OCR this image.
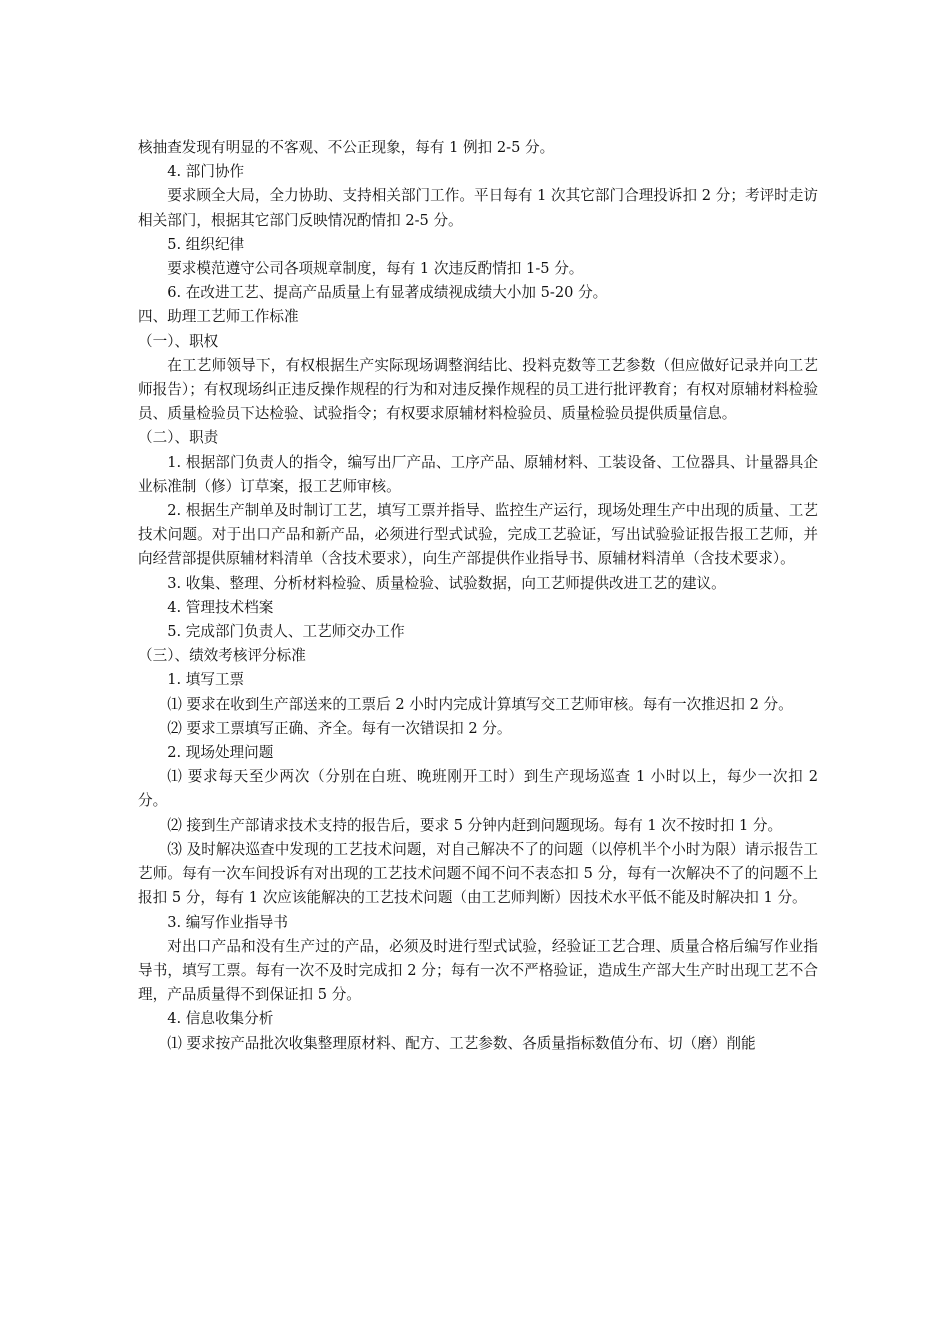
核抽查发现有明显的不客观、不公正现象，每有 1 例扣 2-5 分。

4. 部门协作

要求顾全大局，全力协助、支持相关部门工作。平日每有 1 次其它部门合理投诉扣 2 分；考评时走访相关部门，根据其它部门反映情况酌情扣 2-5 分。

5. 组织纪律

要求模范遵守公司各项规章制度，每有 1 次违反酌情扣 1-5 分。

6. 在改进工艺、提高产品质量上有显著成绩视成绩大小加 5-20 分。

四、助理工艺师工作标准

（一）、职权

在工艺师领导下，有权根据生产实际现场调整润结比、投料克数等工艺参数（但应做好记录并向工艺师报告）；有权现场纠正违反操作规程的行为和对违反操作规程的员工进行批评教育；有权对原辅材料检验员、质量检验员下达检验、试验指令；有权要求原辅材料检验员、质量检验员提供质量信息。

（二）、职责

1. 根据部门负责人的指令，编写出厂产品、工序产品、原辅材料、工装设备、工位器具、计量器具企业标准制（修）订草案，报工艺师审核。

2. 根据生产制单及时制订工艺，填写工票并指导、监控生产运行，现场处理生产中出现的质量、工艺技术问题。对于出口产品和新产品，必须进行型式试验，完成工艺验证，写出试验验证报告报工艺师，并向经营部提供原辅材料清单（含技术要求），向生产部提供作业指导书、原辅材料清单（含技术要求）。

3. 收集、整理、分析材料检验、质量检验、试验数据，向工艺师提供改进工艺的建议。

4. 管理技术档案

5. 完成部门负责人、工艺师交办工作

（三）、绩效考核评分标准

1. 填写工票

⑴ 要求在收到生产部送来的工票后 2 小时内完成计算填写交工艺师审核。每有一次推迟扣 2 分。

⑵ 要求工票填写正确、齐全。每有一次错误扣 2 分。

2. 现场处理问题

⑴ 要求每天至少两次（分别在白班、晚班刚开工时）到生产现场巡查 1 小时以上，每少一次扣 2 分。

⑵ 接到生产部请求技术支持的报告后，要求 5 分钟内赶到问题现场。每有 1 次不按时扣 1 分。

⑶ 及时解决巡查中发现的工艺技术问题，对自己解决不了的问题（以停机半个小时为限）请示报告工艺师。每有一次车间投诉有对出现的工艺技术问题不闻不问不表态扣 5 分，每有一次解决不了的问题不上报扣 5 分，每有 1 次应该能解决的工艺技术问题（由工艺师判断）因技术水平低不能及时解决扣 1 分。

3. 编写作业指导书

对出口产品和没有生产过的产品，必须及时进行型式试验，经验证工艺合理、质量合格后编写作业指导书，填写工票。每有一次不及时完成扣 2 分；每有一次不严格验证，造成生产部大生产时出现工艺不合理，产品质量得不到保证扣 5 分。

4. 信息收集分析

⑴ 要求按产品批次收集整理原材料、配方、工艺参数、各质量指标数值分布、切（磨）削能
